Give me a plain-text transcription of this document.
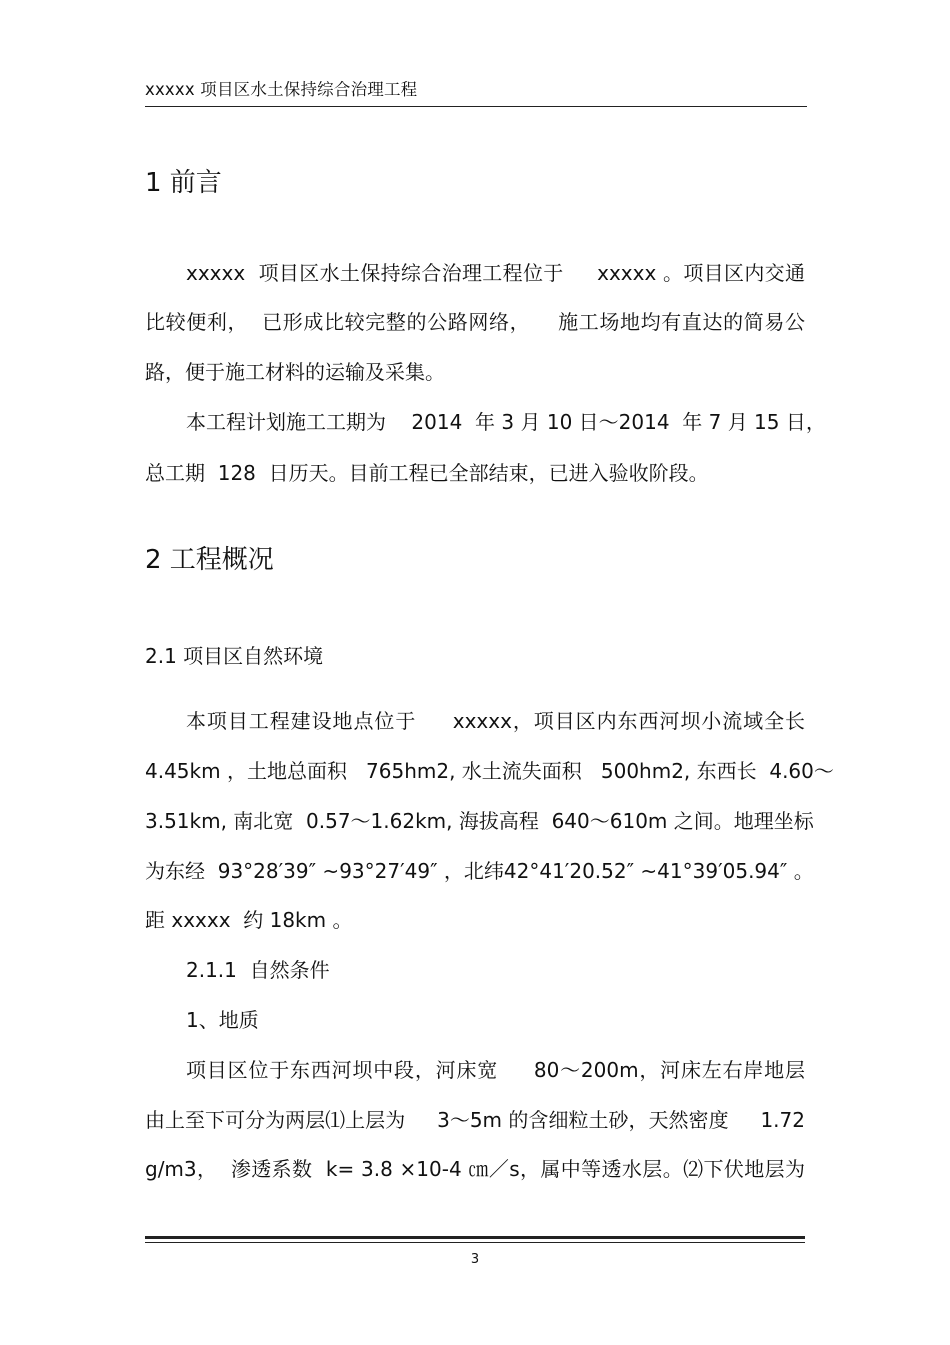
xxxxx 项目区水土保持综合治理工程
1 前言
xxxxx  项目区水土保持综合治理工程位于     xxxxx 。项目区内交通
比较便利，  已形成比较完整的公路网络，    施工场地均有直达的简易公
路，便于施工材料的运输及采集。
本工程计划施工工期为    2014  年 3 月 10 日～2014  年 7 月 15 日，
总工期  128  日历天。目前工程已全部结束，已进入验收阶段。
2 工程概况
2.1 项目区自然环境
本项目工程建设地点位于     xxxxx，项目区内东西河坝小流域全长
4.45km ，土地总面积   765hm2, 水土流失面积   500hm2, 东西长  4.60～
3.51km, 南北宽  0.57～1.62km, 海拔高程  640～610m 之间。地理坐标
为东经  93°28′39″ ~93°27′49″ ，北纬42°41′20.52″ ~41°39′05.94″ 。
距 xxxxx  约 18km 。
2.1.1  自然条件
1、地质
项目区位于东西河坝中段，河床宽     80～200m，河床左右岸地层
由上至下可分为两层⑴上层为     3～5m 的含细粒土砂，天然密度     1.72
g/m3，  渗透系数  k= 3.8 ×10-4 ㎝／s，属中等透水层。⑵下伏地层为
3
